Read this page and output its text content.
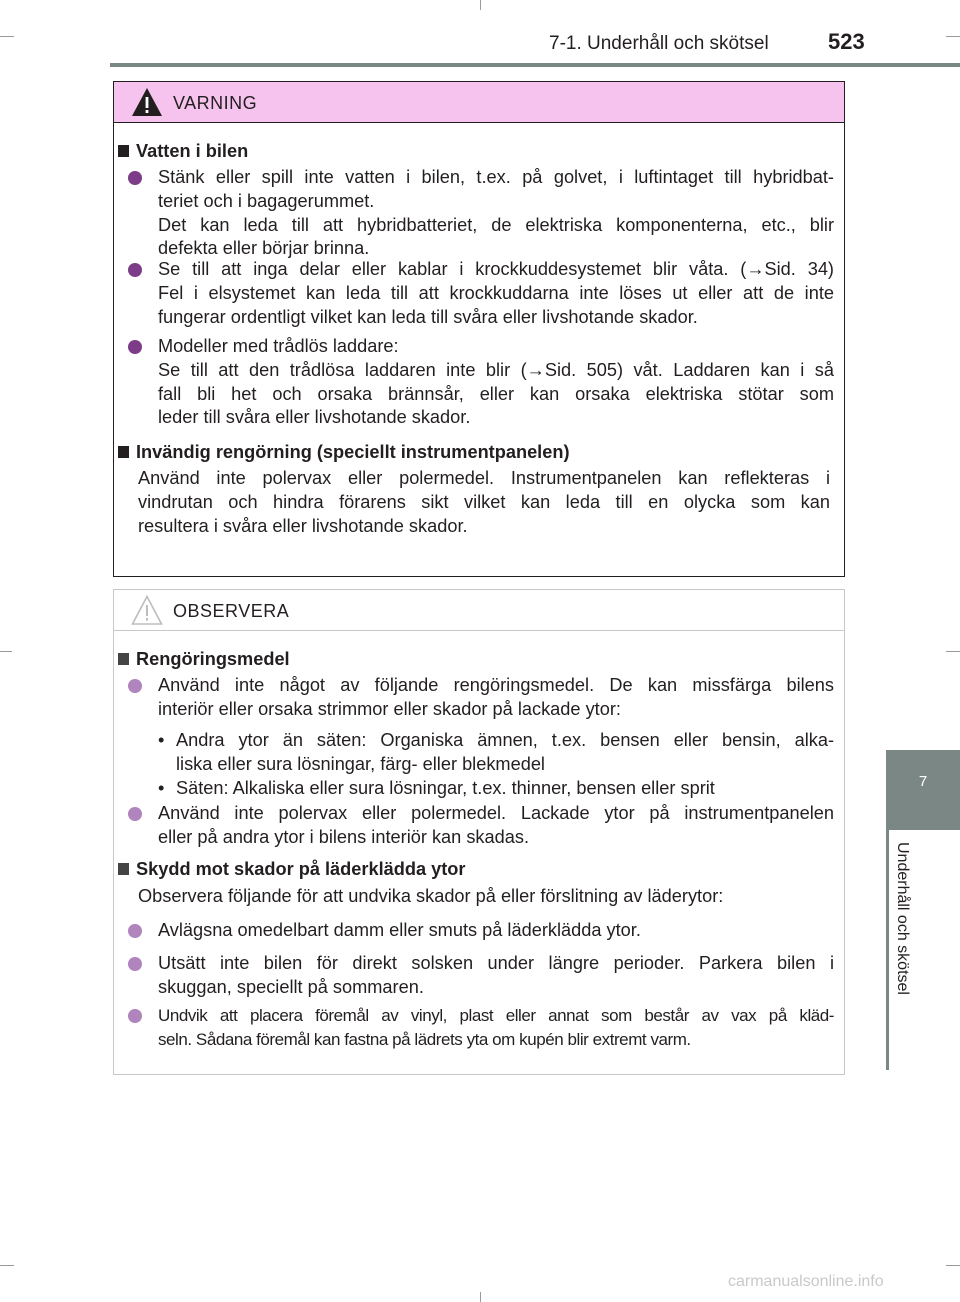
7-1. Underhåll och skötsel	523
7
Underhåll och skötsel
VARNING
Vatten i bilen
Stänk eller spill inte vatten i bilen, t.ex. på golvet, i luftintaget till hybridbat-
teriet och i bagagerummet.
Det kan leda till att hybridbatteriet, de elektriska komponenterna, etc., blir
defekta eller börjar brinna.
Se till att inga delar eller kablar i krockkuddesystemet blir våta. (→Sid. 34)
Fel i elsystemet kan leda till att krockkuddarna inte löses ut eller att de inte
fungerar ordentligt vilket kan leda till svåra eller livshotande skador.
Modeller med trådlös laddare:
Se till att den trådlösa laddaren inte blir (→Sid. 505) våt. Laddaren kan i så
fall bli het och orsaka brännsår, eller kan orsaka elektriska stötar som
leder till svåra eller livshotande skador.
Invändig rengörning (speciellt instrumentpanelen)
Använd inte polervax eller polermedel. Instrumentpanelen kan reflekteras i
vindrutan och hindra förarens sikt vilket kan leda till en olycka som kan
resultera i svåra eller livshotande skador.
OBSERVERA
Rengöringsmedel
Använd inte något av följande rengöringsmedel. De kan missfärga bilens
interiör eller orsaka strimmor eller skador på lackade ytor:
• Andra ytor än säten: Organiska ämnen, t.ex. bensen eller bensin, alka-
liska eller sura lösningar, färg- eller blekmedel
• Säten: Alkaliska eller sura lösningar, t.ex. thinner, bensen eller sprit
Använd inte polervax eller polermedel. Lackade ytor på instrumentpanelen
eller på andra ytor i bilens interiör kan skadas.
Skydd mot skador på läderklädda ytor
Observera följande för att undvika skador på eller förslitning av läderytor:
Avlägsna omedelbart damm eller smuts på läderklädda ytor.
Utsätt inte bilen för direkt solsken under längre perioder. Parkera bilen i
skuggan, speciellt på sommaren.
Undvik att placera föremål av vinyl, plast eller annat som består av vax på kläd-
seln. Sådana föremål kan fastna på lädrets yta om kupén blir extremt varm.
carmanualsonline.info
